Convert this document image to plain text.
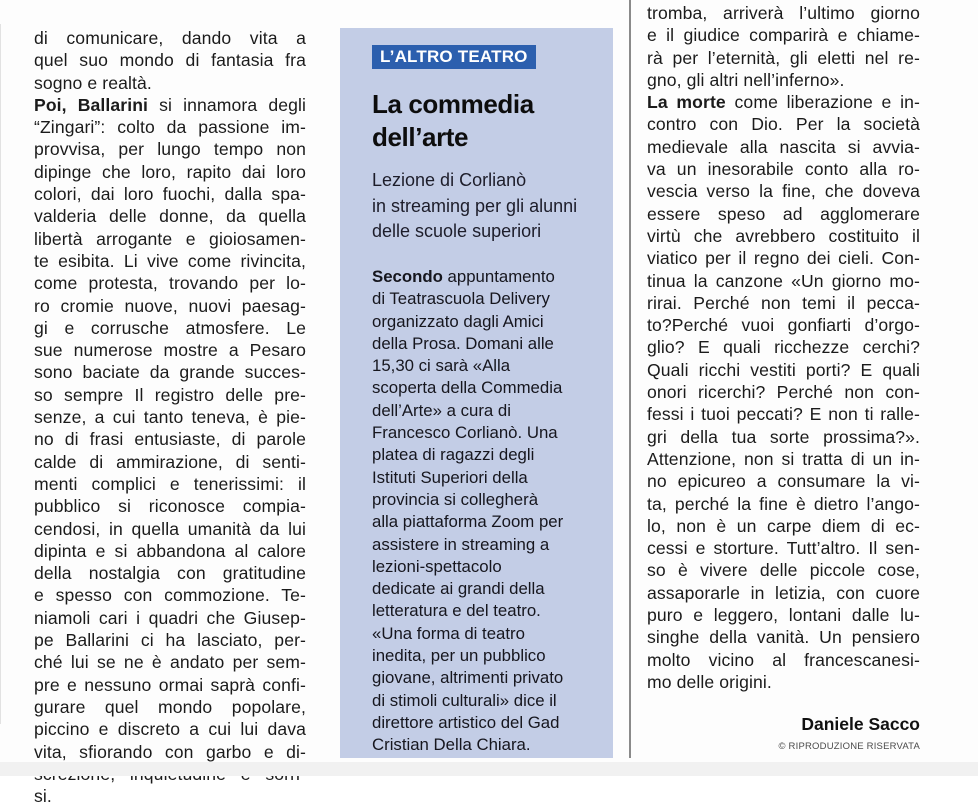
di comunicare, dando vita a
quel suo mondo di fantasia fra
sogno e realtà.
Poi, Ballarini si innamora degli
“Zingari”: colto da passione im-
provvisa, per lungo tempo non
dipinge che loro, rapito dai loro
colori, dai loro fuochi, dalla spa-
valderia delle donne, da quella
libertà arrogante e gioiosamen-
te esibita. Li vive come rivincita,
come protesta, trovando per lo-
ro cromie nuove, nuovi paesag-
gi e corrusche atmosfere. Le
sue numerose mostre a Pesaro
sono baciate da grande succes-
so sempre Il registro delle pre-
senze, a cui tanto teneva, è pie-
no di frasi entusiaste, di parole
calde di ammirazione, di senti-
menti complici e tenerissimi: il
pubblico si riconosce compia-
cendosi, in quella umanità da lui
dipinta e si abbandona al calore
della nostalgia con gratitudine
e spesso con commozione. Te-
niamoli cari i quadri che Giusep-
pe Ballarini ci ha lasciato, per-
ché lui se ne è andato per sem-
pre e nessuno ormai saprà confi-
gurare quel mondo popolare,
piccino e discreto a cui lui dava
vita, sfiorando con garbo e di-
si.
L’ALTRO TEATRO
La commedia
dell’arte
Lezione di Corlianò
in streaming per gli alunni
delle scuole superiori
Secondo appuntamento
di Teatrascuola Delivery
organizzato dagli Amici
della Prosa. Domani alle
15,30 ci sarà «Alla
scoperta della Commedia
dell’Arte» a cura di
Francesco Corlianò. Una
platea di ragazzi degli
Istituti Superiori della
provincia si collegherà
alla piattaforma Zoom per
assistere in streaming a
lezioni-spettacolo
dedicate ai grandi della
letteratura e del teatro.
«Una forma di teatro
inedita, per un pubblico
giovane, altrimenti privato
di stimoli culturali» dice il
direttore artistico del Gad
Cristian Della Chiara.
tromba, arriverà l’ultimo giorno
e il giudice comparirà e chiame-
rà per l’eternità, gli eletti nel re-
gno, gli altri nell’inferno».
La morte come liberazione e in-
contro con Dio. Per la società
medievale alla nascita si avvia-
va un inesorabile conto alla ro-
vescia verso la fine, che doveva
essere speso ad agglomerare
virtù che avrebbero costituito il
viatico per il regno dei cieli. Con-
tinua la canzone «Un giorno mo-
rirai. Perché non temi il pecca-
to?Perché vuoi gonfiarti d’orgo-
glio? E quali ricchezze cerchi?
Quali ricchi vestiti porti? E quali
onori ricerchi? Perché non con-
fessi i tuoi peccati? E non ti ralle-
gri della tua sorte prossima?».
Attenzione, non si tratta di un in-
no epicureo a consumare la vi-
ta, perché la fine è dietro l’ango-
lo, non è un carpe diem di ec-
cessi e storture. Tutt’altro. Il sen-
so è vivere delle piccole cose,
assaporarle in letizia, con cuore
puro e leggero, lontani dalle lu-
singhe della vanità. Un pensiero
molto vicino al francescanesi-
mo delle origini.
Daniele Sacco
© RIPRODUZIONE RISERVATA
